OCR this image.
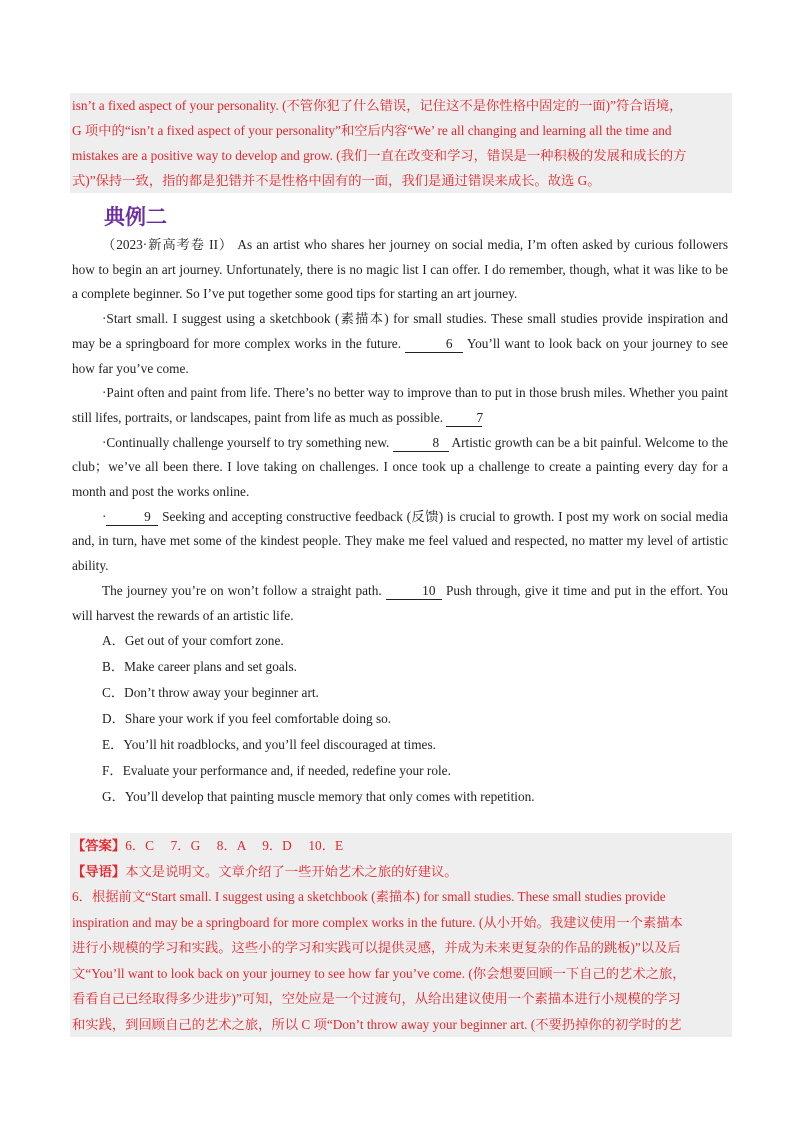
isn’t a fixed aspect of your personality. (不管你犯了什么错误，记住这不是你性格中固定的一面)”符合语境，

G 项中的“isn’t a fixed aspect of your personality”和空后内容“We’ re all changing and learning all the time and

mistakes are a positive way to develop and grow. (我们一直在改变和学习，错误是一种积极的发展和成长的方

式)”保持一致，指的都是犯错并不是性格中固有的一面，我们是通过错误来成长。故选 G。

典例二

（2023·新高考卷 II） As an artist who shares her journey on social media, I’m often asked by curious followers how to begin an art journey. Unfortunately, there is no magic list I can offer. I do remember, though, what it was like to be a complete beginner. So I’ve put together some good tips for starting an art journey.

·Start small. I suggest using a sketchbook (素描本) for small studies. These small studies provide inspiration and may be a springboard for more complex works in the future.	6 You’ll want to look back on your journey to see how far you’ve come.

·Paint often and paint from life. There’s no better way to improve than to put in those brush miles. Whether you paint still lifes, portraits, or landscapes, paint from life as much as possible.	7

·Continually challenge yourself to try something new.	8 Artistic growth can be a bit painful. Welcome to the club；we’ve all been there. I love taking on challenges. I once took up a challenge to create a painting every day for a month and post the works online.

·	9 Seeking and accepting constructive feedback (反馈) is crucial to growth. I post my work on social media and, in turn, have met some of the kindest people. They make me feel valued and respected, no matter my level of artistic ability.

The journey you’re on won’t follow a straight path.	10 Push through, give it time and put in the effort. You will harvest the rewards of an artistic life.

A．Get out of your comfort zone.
B．Make career plans and set goals.
C．Don’t throw away your beginner art.
D．Share your work if you feel comfortable doing so.
E．You’ll hit roadblocks, and you’ll feel discouraged at times.
F．Evaluate your performance and, if needed, redefine your role.
G．You’ll develop that painting muscle memory that only comes with repetition.

【答案】6．C　 7．G　 8．A　 9．D　 10．E

【导语】本文是说明文。文章介绍了一些开始艺术之旅的好建议。

6．根据前文“Start small. I suggest using a sketchbook (素描本) for small studies. These small studies provide

inspiration and may be a springboard for more complex works in the future. (从小开始。我建议使用一个素描本

进行小规模的学习和实践。这些小的学习和实践可以提供灵感，并成为未来更复杂的作品的跳板)”以及后

文“You’ll want to look back on your journey to see how far you’ve come. (你会想要回顾一下自己的艺术之旅，

看看自己已经取得多少进步)”可知，空处应是一个过渡句，从给出建议使用一个素描本进行小规模的学习

和实践，到回顾自己的艺术之旅，所以 C 项“Don’t throw away your beginner art. (不要扔掉你的初学时的艺
